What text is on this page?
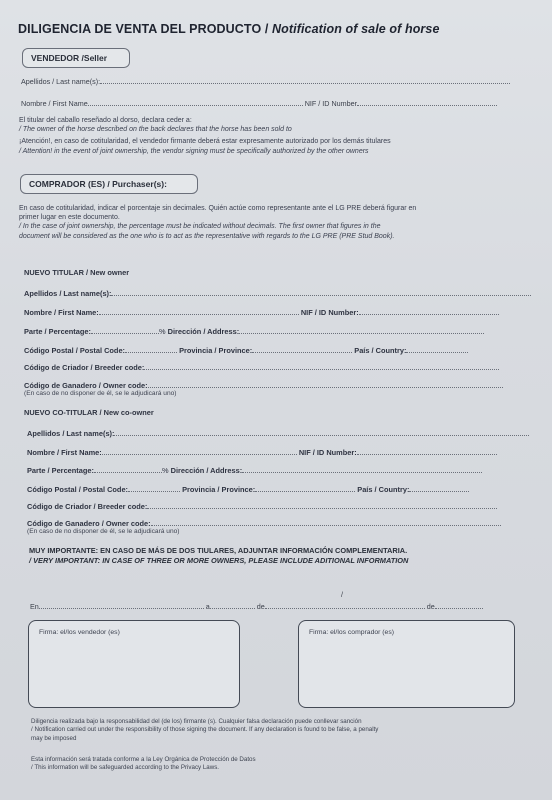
DILIGENCIA DE VENTA DEL PRODUCTO / Notification of sale of horse
VENDEDOR /Seller
Apellidos / Last name(s):
Nombre / First Name	NIF / ID Number
El titular del caballo reseñado al dorso, declara ceder a:
/ The owner of the horse described on the back declares that the horse has been sold to
¡Atención!, en caso de cotitularidad, el vendedor firmante deberá estar expresamente autorizado por los demás titulares
/ Attention! in the event of joint ownership, the vendor signing must be specifically authorized by the other owners
COMPRADOR (ES) / Purchaser(s):
En caso de cotitularidad, indicar el porcentaje sin decimales. Quién actúe como representante ante el LG PRE deberá figurar en
primer lugar en este documento.
/ In the case of joint ownership, the percentage must be indicated without decimals. The first owner that figures in the
document will be considered as the one who is to act as the representative with regards to the LG PRE (PRE Stud Book).
NUEVO TITULAR / New owner
Apellidos / Last name(s):
Nombre / First Name:	NIF / ID Number:
Parte / Percentage:	% Dirección / Address:
Código Postal / Postal Code:	Provincia / Province:	País / Country:
Código de Criador / Breeder code:
Código de Ganadero / Owner code:
(En caso de no disponer de él, se le adjudicará uno)
NUEVO CO-TITULAR / New co-owner
Apellidos / Last name(s):
Nombre / First Name:	NIF / ID Number:
Parte / Percentage:	% Dirección / Address:
Código Postal / Postal Code:	Provincia / Province:	País / Country:
Código de Criador / Breeder code:
Código de Ganadero / Owner code:
(En caso de no disponer de él, se le adjudicará uno)
MUY IMPORTANTE: EN CASO DE MÁS DE DOS TIULARES, ADJUNTAR INFORMACIÓN COMPLEMENTARIA.
/ VERY IMPORTANT: IN CASE OF THREE OR MORE OWNERS, PLEASE INCLUDE ADITIONAL INFORMATION
/
En	a	de	de
Firma: el/los vendedor (es)	Firma: el/los comprador (es)
Diligencia realizada bajo la responsabilidad del (de los) firmante (s). Cualquier falsa declaración puede conllevar sanción
/ Notification carried out under the responsibility of those signing the document. If any declaration is found to be false, a penalty
may be imposed
Esta información será tratada conforme a la Ley Orgánica de Protección de Datos
/ This information will be safeguarded according to the Privacy Laws.
